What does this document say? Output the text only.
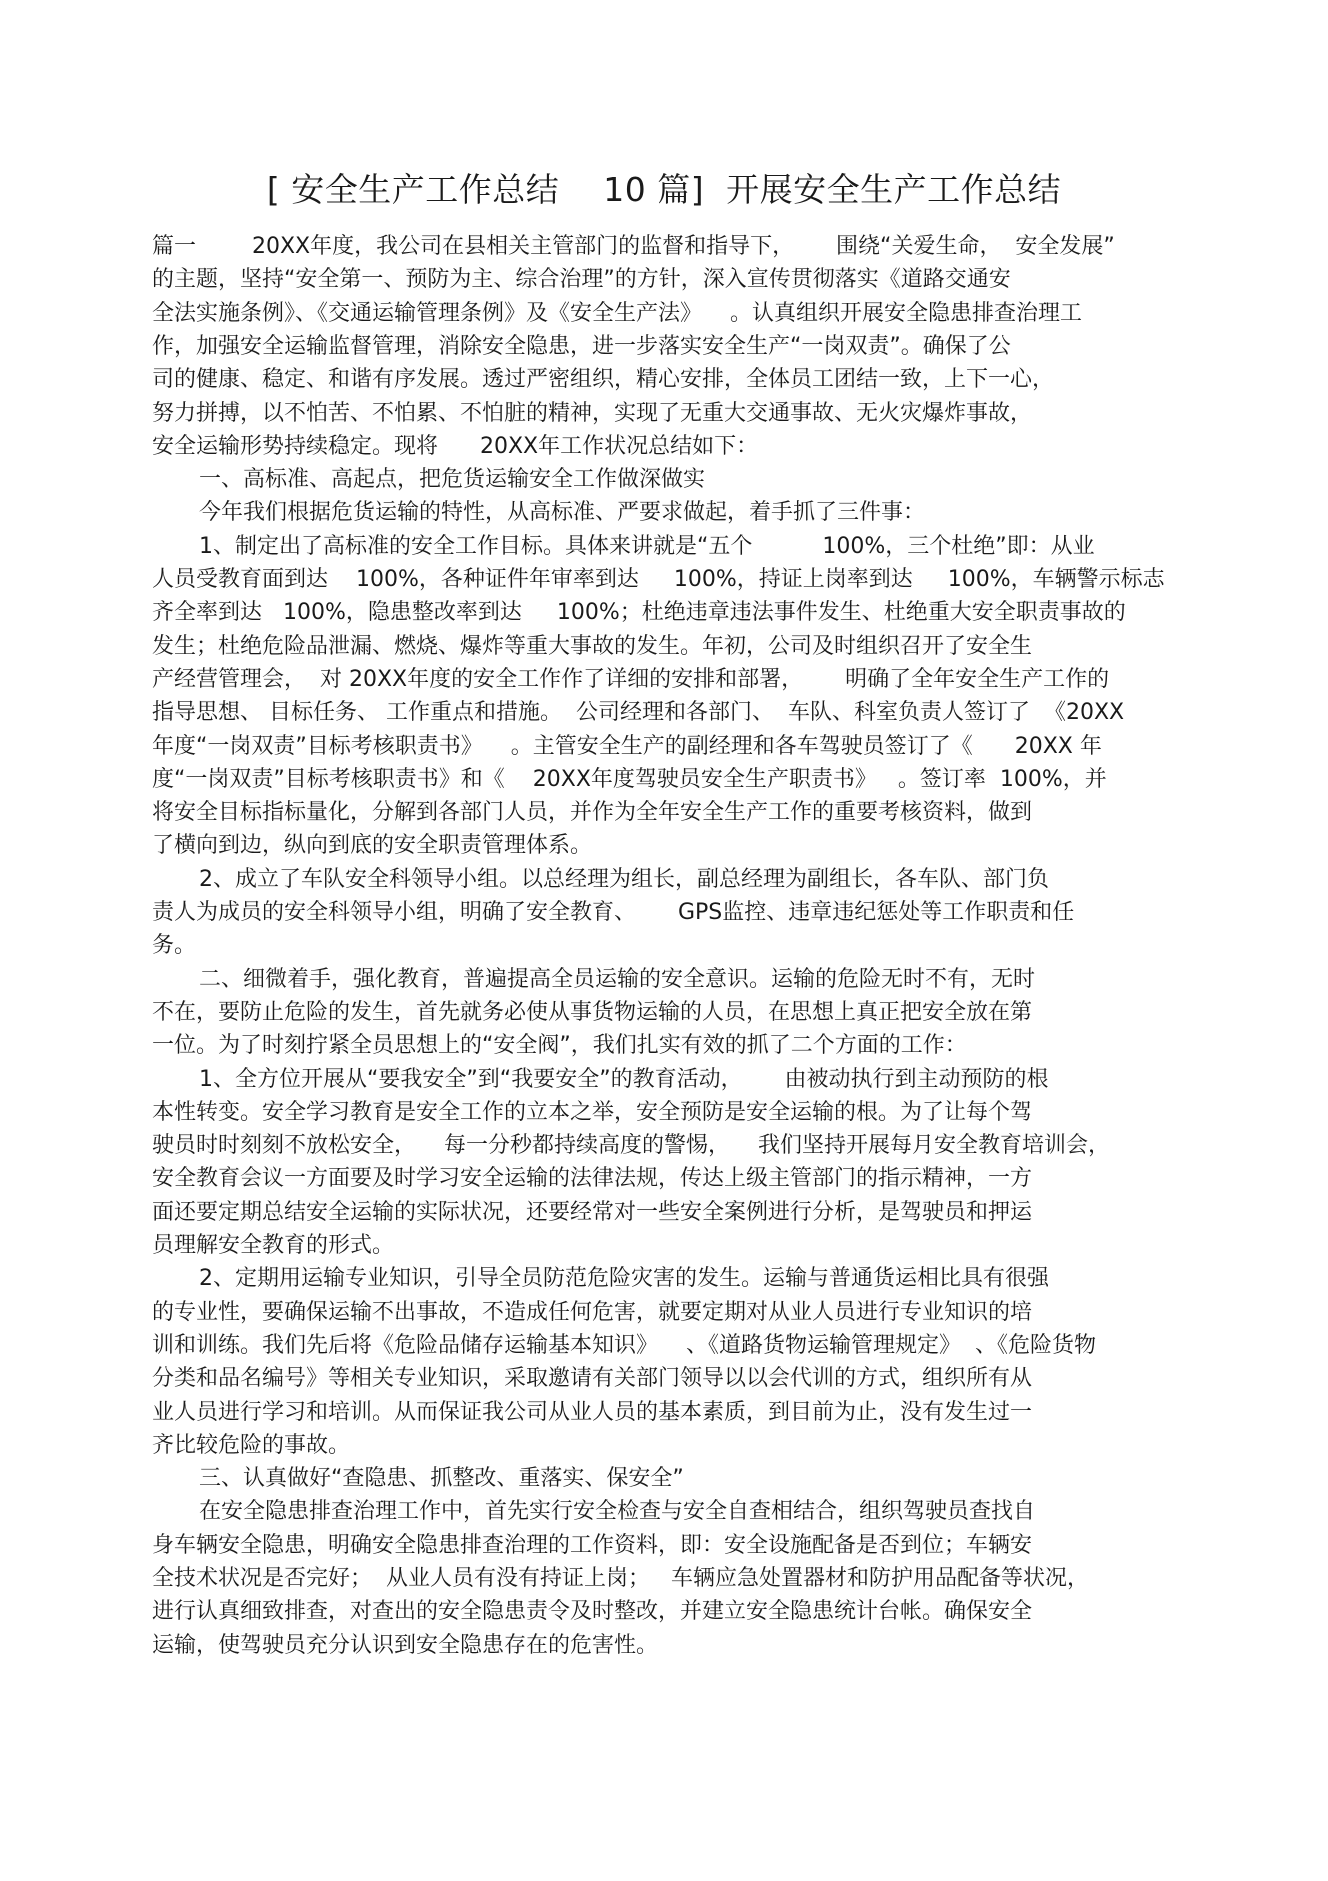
[ 安全生产工作总结    10 篇]  开展安全生产工作总结

篇一        20XX年度，我公司在县相关主管部门的监督和指导下，      围绕“关爱生命，  安全发展”

的主题，坚持“安全第一、预防为主、综合治理”的方针，深入宣传贯彻落实《道路交通安

全法实施条例》、《交通运输管理条例》及《安全生产法》    。认真组织开展安全隐患排查治理工

作，加强安全运输监督管理，消除安全隐患，进一步落实安全生产“一岗双责”。确保了公

司的健康、稳定、和谐有序发展。透过严密组织，精心安排，全体员工团结一致，上下一心，

努力拼搏，以不怕苦、不怕累、不怕脏的精神，实现了无重大交通事故、无火灾爆炸事故，

安全运输形势持续稳定。现将      20XX年工作状况总结如下：

一、高标准、高起点，把危货运输安全工作做深做实

今年我们根据危货运输的特性，从高标准、严要求做起，着手抓了三件事：

1、制定出了高标准的安全工作目标。具体来讲就是“五个          100%，三个杜绝”即：从业

人员受教育面到达    100%，各种证件年审率到达     100%，持证上岗率到达     100%，车辆警示标志

齐全率到达   100%，隐患整改率到达     100%；杜绝违章违法事件发生、杜绝重大安全职责事故的

发生；杜绝危险品泄漏、燃烧、爆炸等重大事故的发生。年初，公司及时组织召开了安全生

产经营管理会，  对 20XX年度的安全工作作了详细的安排和部署，      明确了全年安全生产工作的

指导思想、 目标任务、 工作重点和措施。  公司经理和各部门、  车队、科室负责人签订了  《20XX

年度“一岗双责”目标考核职责书》    。主管安全生产的副经理和各车驾驶员签订了《      20XX 年

度“一岗双责”目标考核职责书》和《    20XX年度驾驶员安全生产职责书》   。签订率  100%，并

将安全目标指标量化，分解到各部门人员，并作为全年安全生产工作的重要考核资料，做到

了横向到边，纵向到底的安全职责管理体系。

2、成立了车队安全科领导小组。以总经理为组长，副总经理为副组长，各车队、部门负

责人为成员的安全科领导小组，明确了安全教育、      GPS监控、违章违纪惩处等工作职责和任

务。

二、细微着手，强化教育，普遍提高全员运输的安全意识。运输的危险无时不有，无时

不在，要防止危险的发生，首先就务必使从事货物运输的人员，在思想上真正把安全放在第

一位。为了时刻拧紧全员思想上的“安全阀”，我们扎实有效的抓了二个方面的工作：

1、全方位开展从“要我安全”到“我要安全”的教育活动，      由被动执行到主动预防的根

本性转变。安全学习教育是安全工作的立本之举，安全预防是安全运输的根。为了让每个驾

驶员时时刻刻不放松安全，    每一分秒都持续高度的警惕，    我们坚持开展每月安全教育培训会，

安全教育会议一方面要及时学习安全运输的法律法规，传达上级主管部门的指示精神，一方

面还要定期总结安全运输的实际状况，还要经常对一些安全案例进行分析，是驾驶员和押运

员理解安全教育的形式。

2、定期用运输专业知识，引导全员防范危险灾害的发生。运输与普通货运相比具有很强

的专业性，要确保运输不出事故，不造成任何危害，就要定期对从业人员进行专业知识的培

训和训练。我们先后将《危险品储存运输基本知识》    、《道路货物运输管理规定》  、《危险货物

分类和品名编号》等相关专业知识，采取邀请有关部门领导以以会代训的方式，组织所有从

业人员进行学习和培训。从而保证我公司从业人员的基本素质，到目前为止，没有发生过一

齐比较危险的事故。

三、认真做好“查隐患、抓整改、重落实、保安全”

在安全隐患排查治理工作中，首先实行安全检查与安全自查相结合，组织驾驶员查找自

身车辆安全隐患，明确安全隐患排查治理的工作资料，即：安全设施配备是否到位；车辆安

全技术状况是否完好；  从业人员有没有持证上岗；   车辆应急处置器材和防护用品配备等状况，

进行认真细致排查，对查出的安全隐患责令及时整改，并建立安全隐患统计台帐。确保安全

运输，使驾驶员充分认识到安全隐患存在的危害性。
